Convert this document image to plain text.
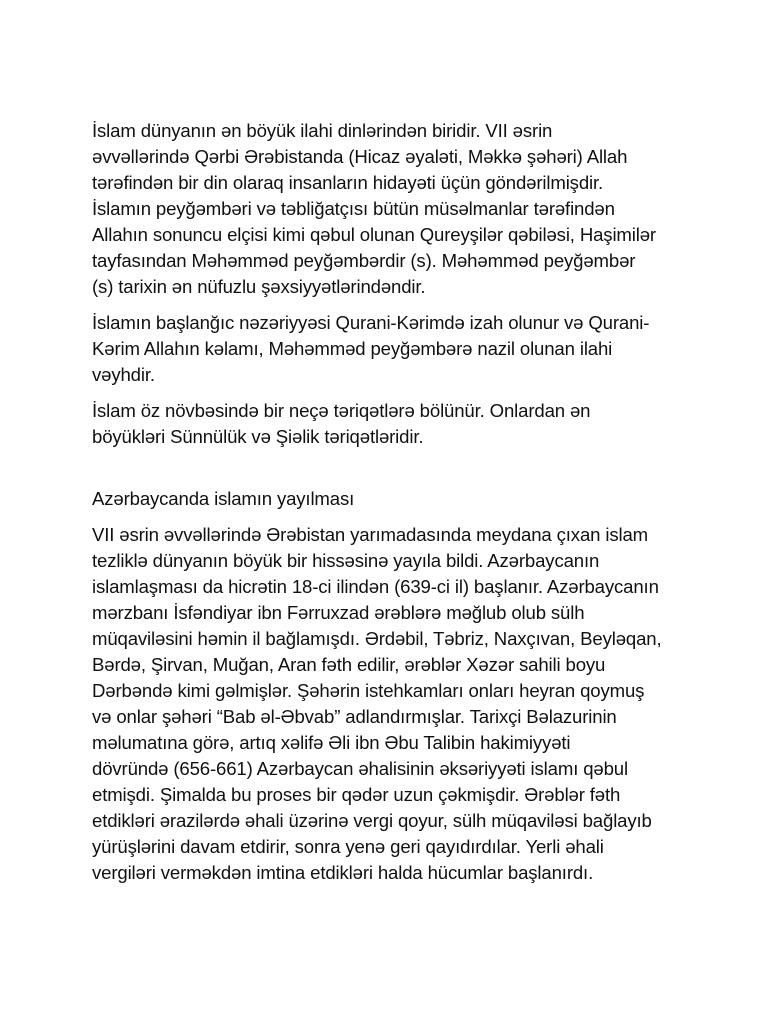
İslam dünyanın ən böyük ilahi dinlərindən biridir. VII əsrin
əvvəllərində Qərbi Ərəbistanda (Hicaz əyaləti, Məkkə şəhəri) Allah
tərəfindən bir din olaraq insanların hidayəti üçün göndərilmişdir.
İslamın peyğəmbəri və təbliğatçısı bütün müsəlmanlar tərəfindən
Allahın sonuncu elçisi kimi qəbul olunan Qureyşilər qəbiləsi, Haşimilər
tayfasından Məhəmməd peyğəmbərdir (s). Məhəmməd peyğəmbər
(s) tarixin ən nüfuzlu şəxsiyyətlərindəndir.

İslamın başlanğıc nəzəriyyəsi Qurani-Kərimdə izah olunur və Qurani-
Kərim Allahın kəlamı, Məhəmməd peyğəmbərə nazil olunan ilahi
vəyhdir.

İslam öz növbəsində bir neçə təriqətlərə bölünür. Onlardan ən
böyükləri Sünnülük və Şiəlik təriqətləridir.

Azərbaycanda islamın yayılması

VII əsrin əvvəllərində Ərəbistan yarımadasında meydana çıxan islam
tezliklə dünyanın böyük bir hissəsinə yayıla bildi. Azərbaycanın
islamlaşması da hicrətin 18-ci ilindən (639-ci il) başlanır. Azərbaycanın
mərzbanı İsfəndiyar ibn Fərruxzad ərəblərə məğlub olub sülh
müqaviləsini həmin il bağlamışdı. Ərdəbil, Təbriz, Naxçıvan, Beyləqan,
Bərdə, Şirvan, Muğan, Aran fəth edilir, ərəblər Xəzər sahili boyu
Dərbəndə kimi gəlmişlər. Şəhərin istehkamları onları heyran qoymuş
və onlar şəhəri “Bab əl-Əbvab” adlandırmışlar. Tarixçi Bəlazurinin
məlumatına görə, artıq xəlifə Əli ibn Əbu Talibin hakimiyyəti
dövründə (656-661) Azərbaycan əhalisinin əksəriyyəti islamı qəbul
etmişdi. Şimalda bu proses bir qədər uzun çəkmişdir. Ərəblər fəth
etdikləri ərazilərdə əhali üzərinə vergi qoyur, sülh müqaviləsi bağlayıb
yürüşlərini davam etdirir, sonra yenə geri qayıdırdılar. Yerli əhali
vergiləri verməkdən imtina etdikləri halda hücumlar başlanırdı.
